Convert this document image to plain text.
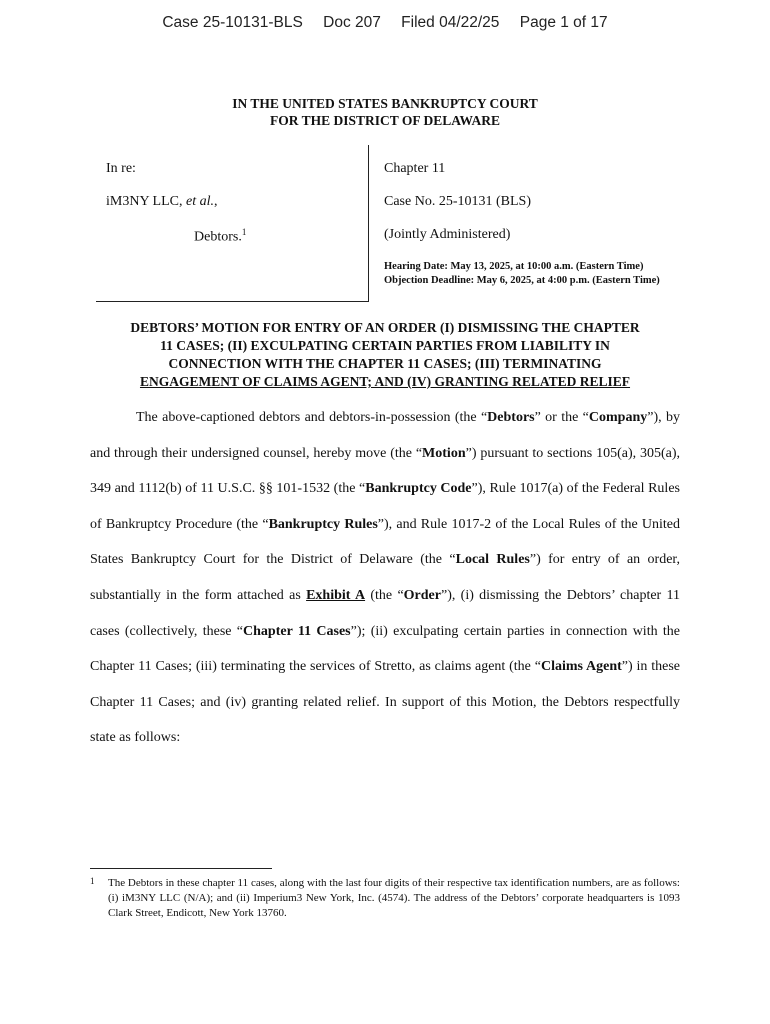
Case 25-10131-BLS Doc 207 Filed 04/22/25 Page 1 of 17
IN THE UNITED STATES BANKRUPTCY COURT
FOR THE DISTRICT OF DELAWARE
In re:
iM3NY LLC, et al.,
Debtors.$^1$
Chapter 11
Case No. 25-10131 (BLS)
(Jointly Administered)
Hearing Date: May 13, 2025, at 10:00 a.m. (Eastern Time)
Objection Deadline: May 6, 2025, at 4:00 p.m. (Eastern Time)
DEBTORS’ MOTION FOR ENTRY OF AN ORDER (I) DISMISSING THE CHAPTER
11 CASES; (II) EXCULPATING CERTAIN PARTIES FROM LIABILITY IN
CONNECTION WITH THE CHAPTER 11 CASES; (III) TERMINATING
ENGAGEMENT OF CLAIMS AGENT; AND (IV) GRANTING RELATED RELIEF

The above-captioned debtors and debtors-in-possession (the “Debtors” or the “Company”), by and through their undersigned counsel, hereby move (the “Motion”) pursuant to sections 105(a), 305(a), 349 and 1112(b) of 11 U.S.C. §§ 101-1532 (the “Bankruptcy Code”), Rule 1017(a) of the Federal Rules of Bankruptcy Procedure (the “Bankruptcy Rules”), and Rule 1017-2 of the Local Rules of the United States Bankruptcy Court for the District of Delaware (the “Local Rules”) for entry of an order, substantially in the form attached as Exhibit A (the “Order”), (i) dismissing the Debtors’ chapter 11 cases (collectively, these “Chapter 11 Cases”); (ii) exculpating certain parties in connection with the Chapter 11 Cases; (iii) terminating the services of Stretto, as claims agent (the “Claims Agent”) in these Chapter 11 Cases; and (iv) granting related relief. In support of this Motion, the Debtors respectfully state as follows:

1	The Debtors in these chapter 11 cases, along with the last four digits of their respective tax identification numbers, are as follows: (i) iM3NY LLC (N/A); and (ii) Imperium3 New York, Inc. (4574). The address of the Debtors’ corporate headquarters is 1093 Clark Street, Endicott, New York 13760.
